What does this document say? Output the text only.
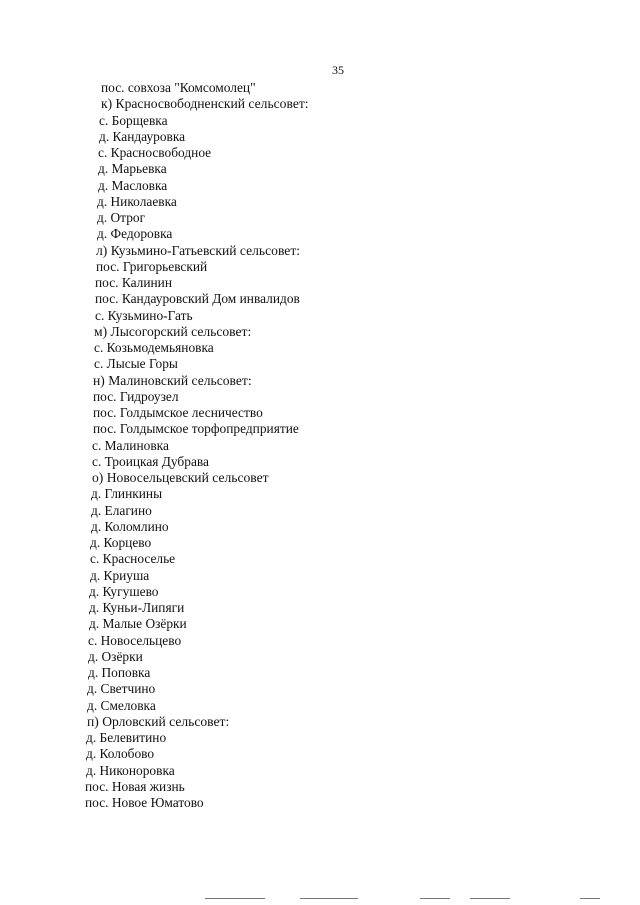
35
пос. совхоза "Комсомолец"
к) Красносвободненский сельсовет:
с. Борщевка
д. Кандауровка
с. Красносвободное
д. Марьевка
д. Масловка
д. Николаевка
д. Отрог
д. Федоровка
л) Кузьмино-Гатьевский сельсовет:
пос. Григорьевский
пос. Калинин
пос. Кандауровский Дом инвалидов
с. Кузьмино-Гать
м) Лысогорский сельсовет:
с. Козьмодемьяновка
с. Лысые Горы
н) Малиновский сельсовет:
пос. Гидроузел
пос. Голдымское лесничество
пос. Голдымское торфопредприятие
с. Малиновка
с. Троицкая Дубрава
о) Новосельцевский сельсовет
д. Глинкины
д. Елагино
д. Коломлино
д. Корцево
с. Красноселье
д. Криуша
д. Кугушево
д. Куньи-Липяги
д. Малые Озёрки
с. Новосельцево
д. Озёрки
д. Поповка
д. Светчино
д. Смеловка
п) Орловский сельсовет:
д. Белевитино
д. Колобово
д. Никоноровка
пос. Новая жизнь
пос. Новое Юматово
